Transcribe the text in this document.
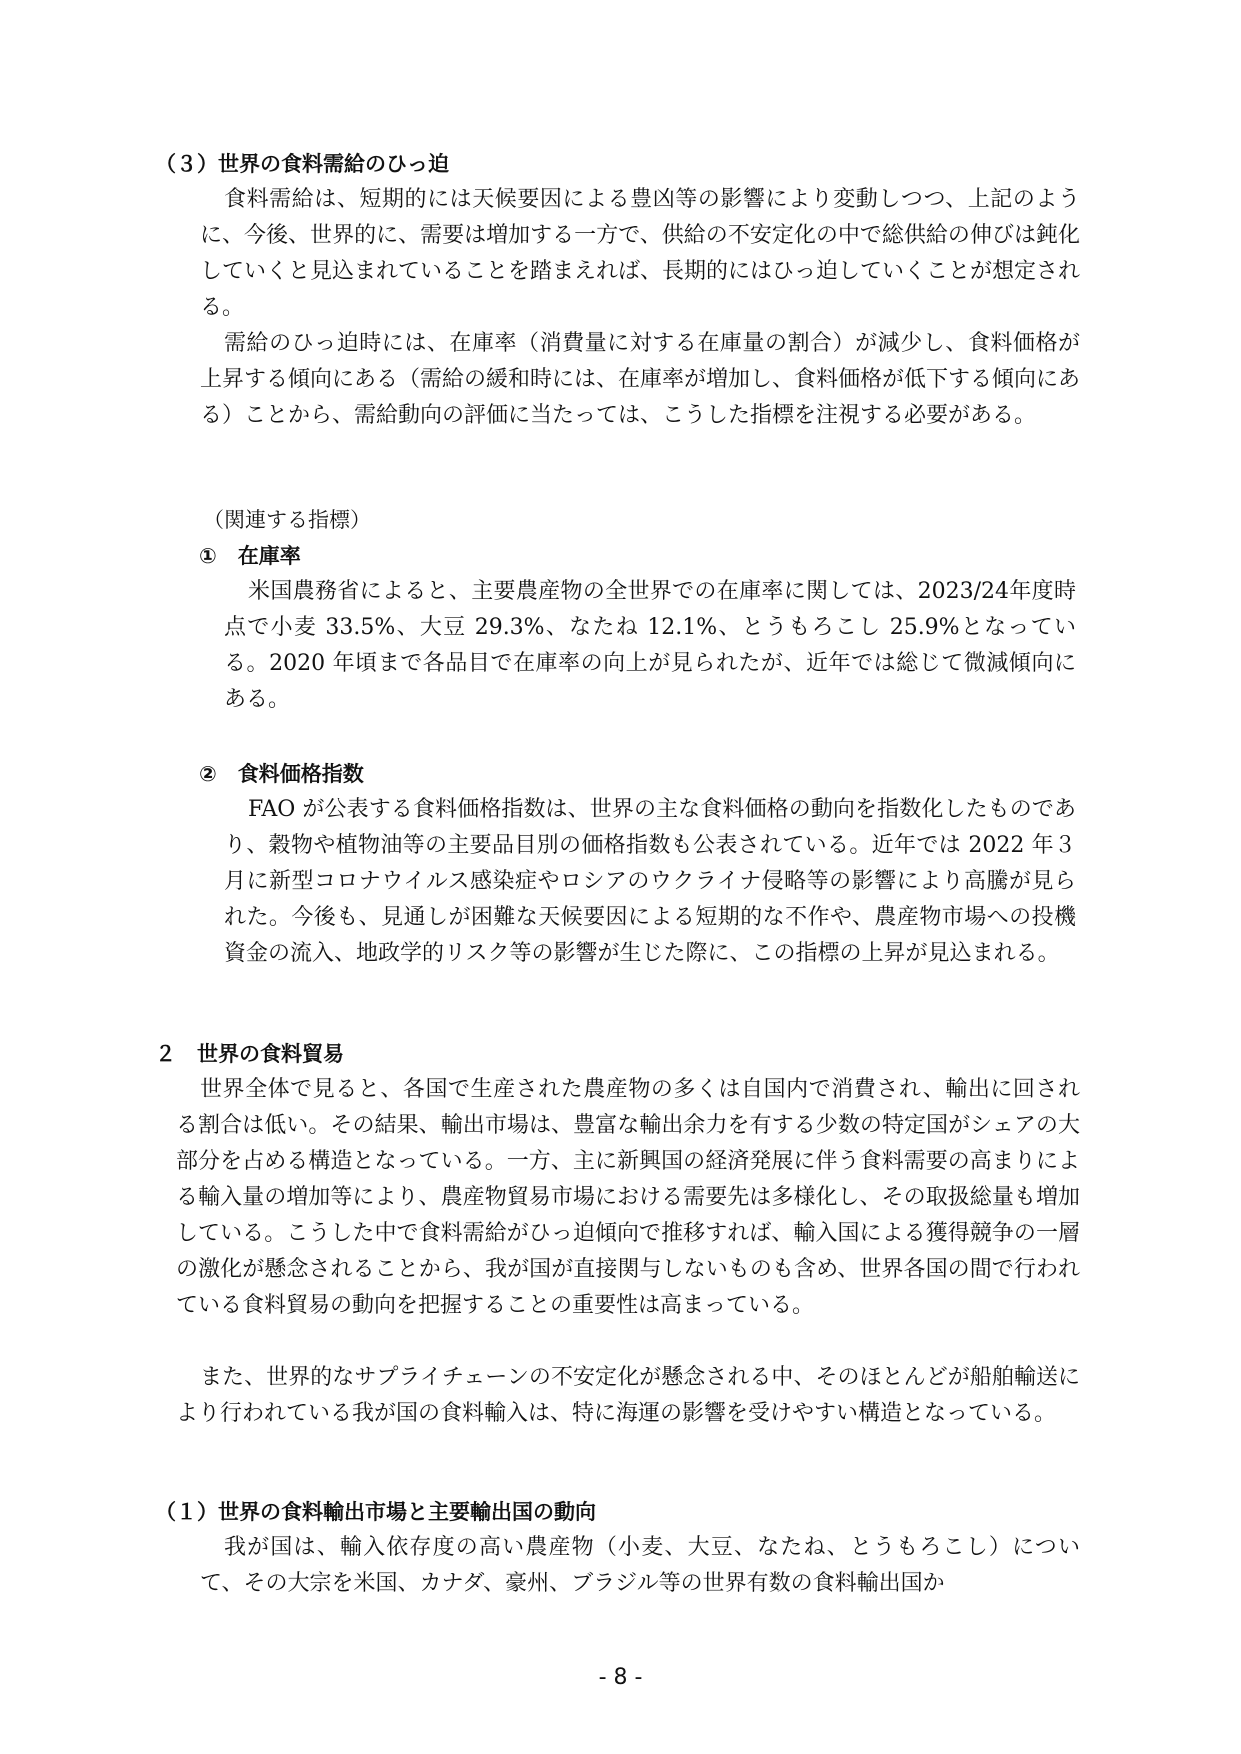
（３）世界の食料需給のひっ迫

食料需給は、短期的には天候要因による豊凶等の影響により変動しつつ、上記のように、今後、世界的に、需要は増加する一方で、供給の不安定化の中で総供給の伸びは鈍化していくと見込まれていることを踏まえれば、長期的にはひっ迫していくことが想定される。

需給のひっ迫時には、在庫率（消費量に対する在庫量の割合）が減少し、食料価格が上昇する傾向にある（需給の緩和時には、在庫率が増加し、食料価格が低下する傾向にある）ことから、需給動向の評価に当たっては、こうした指標を注視する必要がある。

（関連する指標）

①　在庫率

米国農務省によると、主要農産物の全世界での在庫率に関しては、2023/24年度時点で小麦 33.5%、大豆 29.3%、なたね 12.1%、とうもろこし 25.9%となっている。2020 年頃まで各品目で在庫率の向上が見られたが、近年では総じて微減傾向にある。

②　食料価格指数

FAO が公表する食料価格指数は、世界の主な食料価格の動向を指数化したものであり、穀物や植物油等の主要品目別の価格指数も公表されている。近年では 2022 年３月に新型コロナウイルス感染症やロシアのウクライナ侵略等の影響により高騰が見られた。今後も、見通しが困難な天候要因による短期的な不作や、農産物市場への投機資金の流入、地政学的リスク等の影響が生じた際に、この指標の上昇が見込まれる。

２　世界の食料貿易

世界全体で見ると、各国で生産された農産物の多くは自国内で消費され、輸出に回される割合は低い。その結果、輸出市場は、豊富な輸出余力を有する少数の特定国がシェアの大部分を占める構造となっている。一方、主に新興国の経済発展に伴う食料需要の高まりによる輸入量の増加等により、農産物貿易市場における需要先は多様化し、その取扱総量も増加している。こうした中で食料需給がひっ迫傾向で推移すれば、輸入国による獲得競争の一層の激化が懸念されることから、我が国が直接関与しないものも含め、世界各国の間で行われている食料貿易の動向を把握することの重要性は高まっている。

また、世界的なサプライチェーンの不安定化が懸念される中、そのほとんどが船舶輸送により行われている我が国の食料輸入は、特に海運の影響を受けやすい構造となっている。

（１）世界の食料輸出市場と主要輸出国の動向

我が国は、輸入依存度の高い農産物（小麦、大豆、なたね、とうもろこし）について、その大宗を米国、カナダ、豪州、ブラジル等の世界有数の食料輸出国か

- 8 -
